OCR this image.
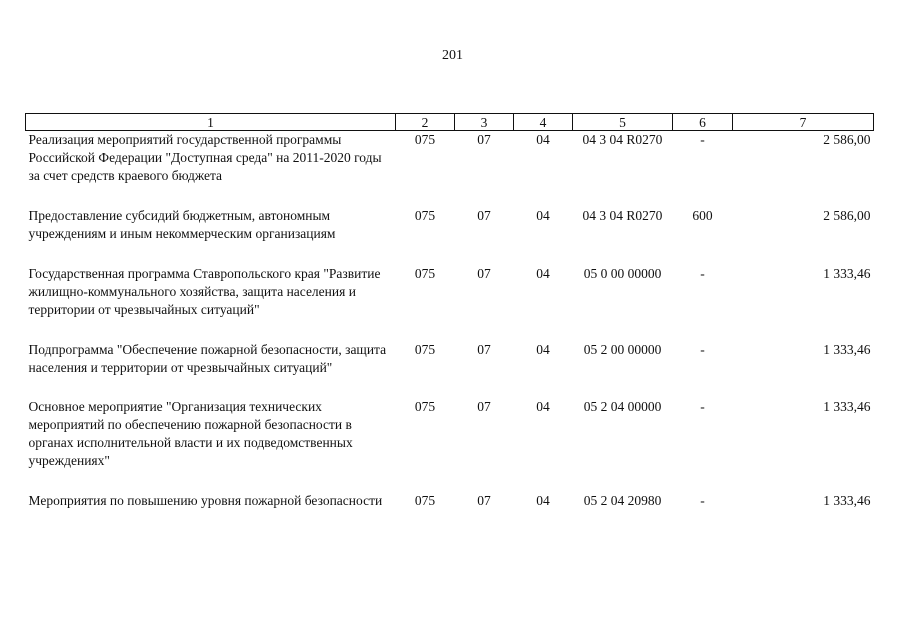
201
1	2	3	4	5	6	7

Реализация мероприятий государственной программы Российской Федерации "Доступная среда" на 2011-2020 годы за счет средств краевого бюджета	075	07	04	04 3 04 R0270	-	2 586,00

Предоставление субсидий бюджетным, автономным учреждениям и иным некоммерческим организациям	075	07	04	04 3 04 R0270	600	2 586,00

Государственная программа Ставропольского края "Развитие жилищно-коммунального хозяйства, защита населения и территории от чрезвычайных ситуаций"	075	07	04	05 0 00 00000	-	1 333,46

Подпрограмма "Обеспечение пожарной безопасности, защита населения и территории от чрезвычайных ситуаций"	075	07	04	05 2 00 00000	-	1 333,46

Основное мероприятие "Организация технических мероприятий по обеспечению пожарной безопасности в органах исполнительной власти и их подведомственных учреждениях"	075	07	04	05 2 04 00000	-	1 333,46

Мероприятия по повышению уровня пожарной безопасности	075	07	04	05 2 04 20980	-	1 333,46
